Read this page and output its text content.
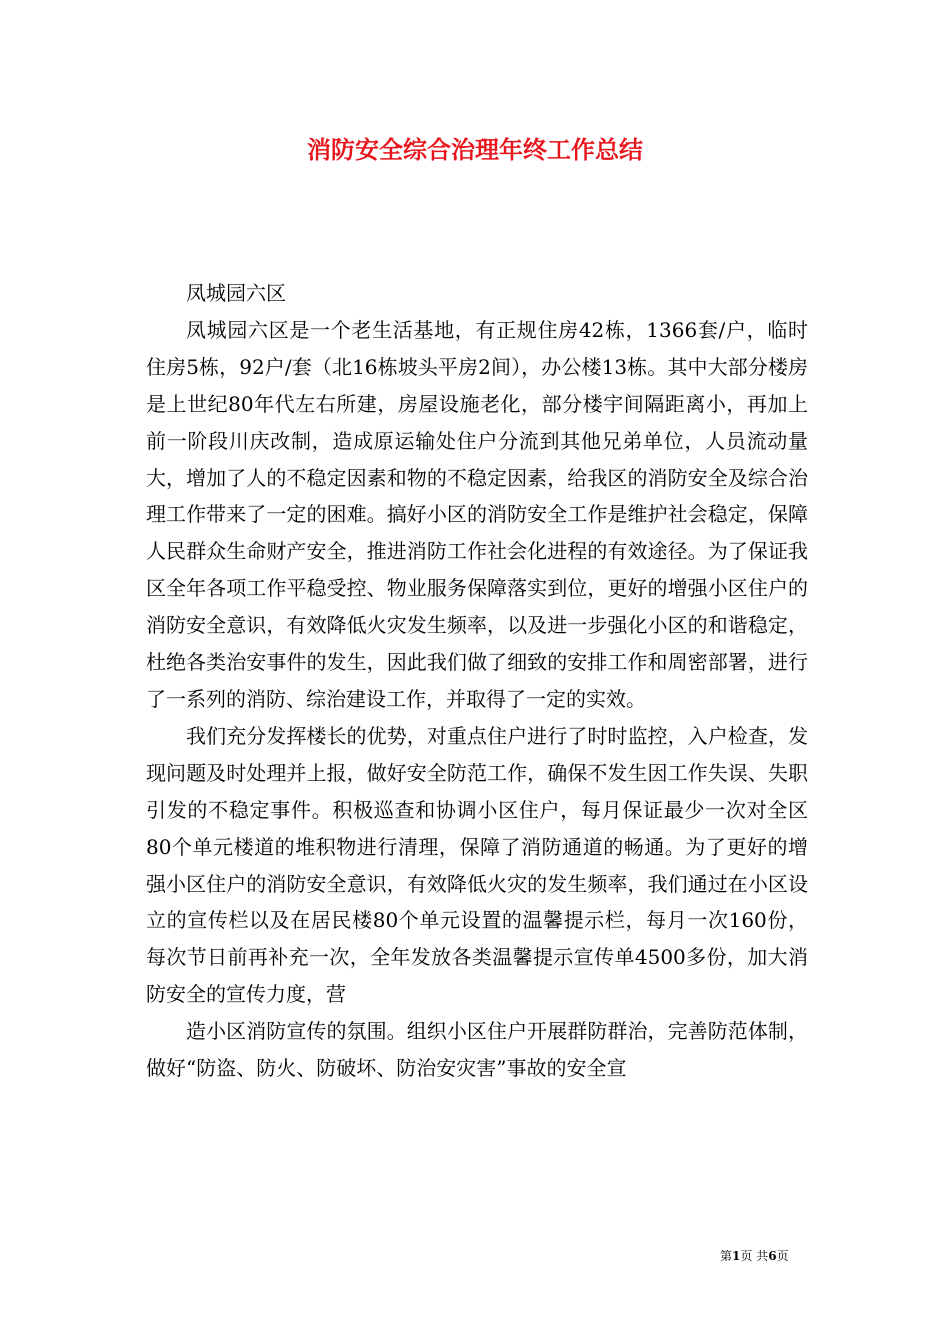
消防安全综合治理年终工作总结

凤城园六区

凤城园六区是一个老生活基地，有正规住房42栋，1366套/户，临时住房5栋，92户/套（北16栋坡头平房2间），办公楼13栋。其中大部分楼房是上世纪80年代左右所建，房屋设施老化，部分楼宇间隔距离小，再加上前一阶段川庆改制，造成原运输处住户分流到其他兄弟单位，人员流动量大，增加了人的不稳定因素和物的不稳定因素，给我区的消防安全及综合治理工作带来了一定的困难。搞好小区的消防安全工作是维护社会稳定，保障人民群众生命财产安全，推进消防工作社会化进程的有效途径。为了保证我区全年各项工作平稳受控、物业服务保障落实到位，更好的增强小区住户的消防安全意识，有效降低火灾发生频率，以及进一步强化小区的和谐稳定，杜绝各类治安事件的发生，因此我们做了细致的安排工作和周密部署，进行了一系列的消防、综治建设工作，并取得了一定的实效。

我们充分发挥楼长的优势，对重点住户进行了时时监控，入户检查，发现问题及时处理并上报，做好安全防范工作，确保不发生因工作失误、失职引发的不稳定事件。积极巡查和协调小区住户，每月保证最少一次对全区80个单元楼道的堆积物进行清理，保障了消防通道的畅通。为了更好的增强小区住户的消防安全意识，有效降低火灾的发生频率，我们通过在小区设立的宣传栏以及在居民楼80个单元设置的温馨提示栏，每月一次160份，每次节日前再补充一次，全年发放各类温馨提示宣传单4500多份，加大消防安全的宣传力度，营

造小区消防宣传的氛围。组织小区住户开展群防群治，完善防范体制，做好“防盗、防火、防破坏、防治安灾害”事故的安全宣

第1页 共6页
